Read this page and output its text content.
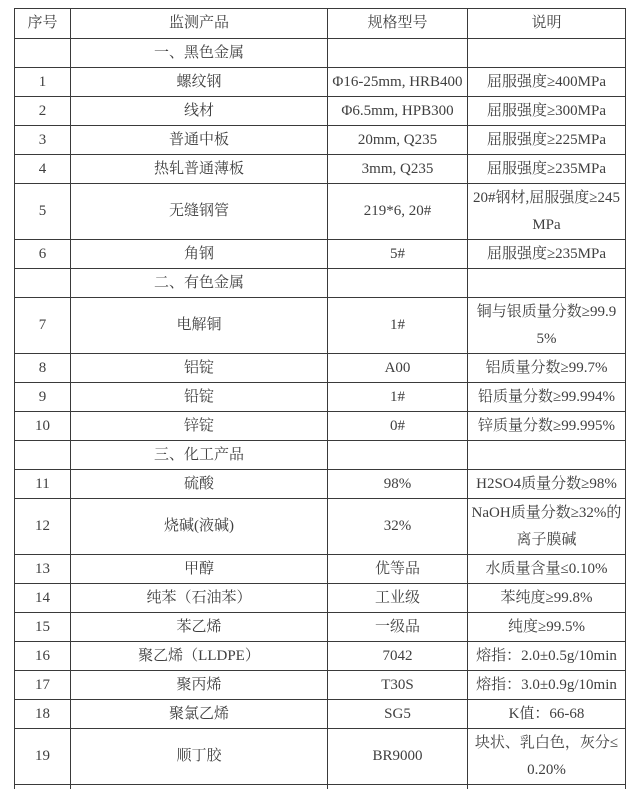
序号	监测产品	规格型号	说明
	一、黑色金属		
1	螺纹钢	Φ16-25mm, HRB400	屈服强度≥400MPa
2	线材	Φ6.5mm, HPB300	屈服强度≥300MPa
3	普通中板	20mm, Q235	屈服强度≥225MPa
4	热轧普通薄板	3mm, Q235	屈服强度≥235MPa
5	无缝钢管	219*6, 20#	20#钢材,屈服强度≥245MPa
6	角钢	5#	屈服强度≥235MPa
	二、有色金属		
7	电解铜	1#	铜与银质量分数≥99.95%
8	铝锭	A00	铝质量分数≥99.7%
9	铅锭	1#	铅质量分数≥99.994%
10	锌锭	0#	锌质量分数≥99.995%
	三、化工产品		
11	硫酸	98%	H2SO4质量分数≥98%
12	烧碱(液碱)	32%	NaOH质量分数≥32%的离子膜碱
13	甲醇	优等品	水质量含量≤0.10%
14	纯苯（石油苯）	工业级	苯纯度≥99.8%
15	苯乙烯	一级品	纯度≥99.5%
16	聚乙烯（LLDPE）	7042	熔指：2.0±0.5g/10min
17	聚丙烯	T30S	熔指：3.0±0.9g/10min
18	聚氯乙烯	SG5	K值：66-68
19	顺丁胶	BR9000	块状、乳白色，灰分≤0.20%
